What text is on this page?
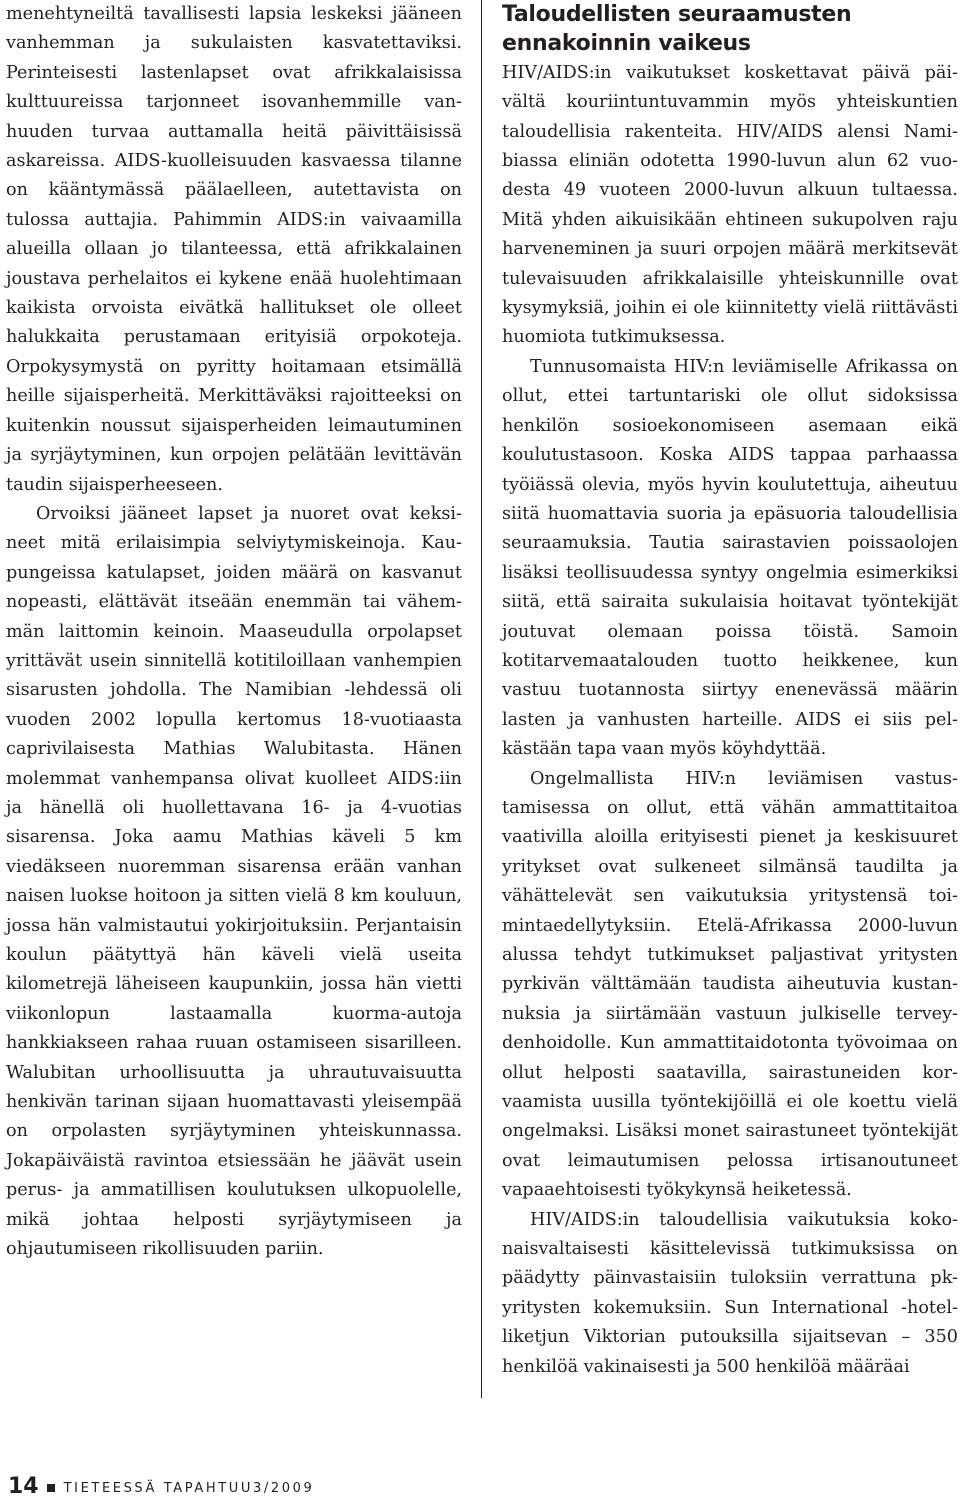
menehtyneiltä tavallisesti lapsia leskeksi jääneen vanhemman ja sukulaisten kasvatettaviksi. Perinteisesti lastenlapset ovat afrikkalaisissa kulttuureissa tarjonneet isovanhemmille vanhuuden turvaa auttamalla heitä päivittäisissä askareissa. AIDS-kuolleisuuden kasvaessa tilanne on kääntymässä päälaelleen, autettavista on tulossa auttajia. Pahimmin AIDS:in vaivaamilla alueilla ollaan jo tilanteessa, että afrikkalainen joustava perhelaitos ei kykene enää huolehtimaan kaikista orvoista eivätkä hallitukset ole olleet halukkaita perustamaan erityisiä orpokoteja. Orpokysymystä on pyritty hoitamaan etsimällä heille sijaisperheitä. Merkittäväksi rajoitteeksi on kuitenkin noussut sijaisperheiden leimautuminen ja syrjäytyminen, kun orpojen pelätään levittävän taudin sijaisperheeseen.

Orvoiksi jääneet lapset ja nuoret ovat keksineet mitä erilaisimpia selviytymiskeinoja. Kaupungeissa katulapset, joiden määrä on kasvanut nopeasti, elättävät itseään enemmän tai vähemmän laittomin keinoin. Maaseudulla orpolapset yrittävät usein sinnitellä kotitiloillaan vanhempien sisarusten johdolla. The Namibian -lehdessä oli vuoden 2002 lopulla kertomus 18-vuotiaasta caprivilaisesta Mathias Walubitasta. Hänen molemmat vanhempansa olivat kuolleet AIDS:iin ja hänellä oli huollettavana 16- ja 4-vuotias sisarensa. Joka aamu Mathias käveli 5 km viedäkseen nuoremman sisarensa erään vanhan naisen luokse hoitoon ja sitten vielä 8 km kouluun, jossa hän valmistautui yokirjoituksiin. Perjantaisin koulun päätyttyä hän käveli vielä useita kilometrejä läheiseen kaupunkiin, jossa hän vietti viikonlopun lastaamalla kuorma-autoja hankkiakseen rahaa ruuan ostamiseen sisarilleen. Walubitan urhoollisuutta ja uhrautuvaisuutta henkivän tarinan sijaan huomattavasti yleisempää on orpolasten syrjäytyminen yhteiskunnassa. Jokapäiväistä ravintoa etsiessään he jäävät usein perus- ja ammatillisen koulutuksen ulkopuolelle, mikä johtaa helposti syrjäytymiseen ja ohjautumiseen rikollisuuden pariin.

Taloudellisten seuraamusten ennakoinnin vaikeus

HIV/AIDS:in vaikutukset koskettavat päivä päivältä kouriintuntuvammin myös yhteiskuntien taloudellisia rakenteita. HIV/AIDS alensi Namibiassa eliniän odotetta 1990-luvun alun 62 vuodesta 49 vuoteen 2000-luvun alkuun tultaessa. Mitä yhden aikuisikään ehtineen sukupolven raju harveneminen ja suuri orpojen määrä merkitsevät tulevaisuuden afrikkalaisille yhteiskunnille ovat kysymyksiä, joihin ei ole kiinnitetty vielä riittävästi huomiota tutkimuksessa.

Tunnusomaista HIV:n leviämiselle Afrikassa on ollut, ettei tartuntariski ole ollut sidoksissa henkilön sosioekonomiseen asemaan eikä koulutustasoon. Koska AIDS tappaa parhaassa työiässä olevia, myös hyvin koulutettuja, aiheutuu siitä huomattavia suoria ja epäsuoria taloudellisia seuraamuksia. Tautia sairastavien poissaolojen lisäksi teollisuudessa syntyy ongelmia esimerkiksi siitä, että sairaita sukulaisia hoitavat työntekijät joutuvat olemaan poissa töistä. Samoin kotitarvemaatalouden tuotto heikkenee, kun vastuu tuotannosta siirtyy enenevässä määrin lasten ja vanhusten harteille. AIDS ei siis pelkästään tapa vaan myös köyhdyttää.

Ongelmallista HIV:n leviämisen vastustamisessa on ollut, että vähän ammattitaitoa vaativilla aloilla erityisesti pienet ja keskisuuret yritykset ovat sulkeneet silmänsä taudilta ja vähättelevät sen vaikutuksia yritystensä toimintaedellytyksiin. Etelä-Afrikassa 2000-luvun alussa tehdyt tutkimukset paljastivat yritysten pyrkivän välttämään taudista aiheutuvia kustannuksia ja siirtämään vastuun julkiselle terveydenhoidolle. Kun ammattitaidotonta työvoimaa on ollut helposti saatavilla, sairastuneiden korvaamista uusilla työntekijöillä ei ole koettu vielä ongelmaksi. Lisäksi monet sairastuneet työntekijät ovat leimautumisen pelossa irtisanoutuneet vapaaehtoisesti työkykynsä heiketessä.

HIV/AIDS:in taloudellisia vaikutuksia kokonaisvaltaisesti käsittelevissä tutkimuksissa on päädytty päinvastaisiin tuloksiin verrattuna pk-yritysten kokemuksiin. Sun International -hotelliketjun Viktorian putouksilla sijaitsevan – 350 henkilöä vakinaisesti ja 500 henkilöä määräai

14 TIETEESSÄ TAPAHTUU3/2009
